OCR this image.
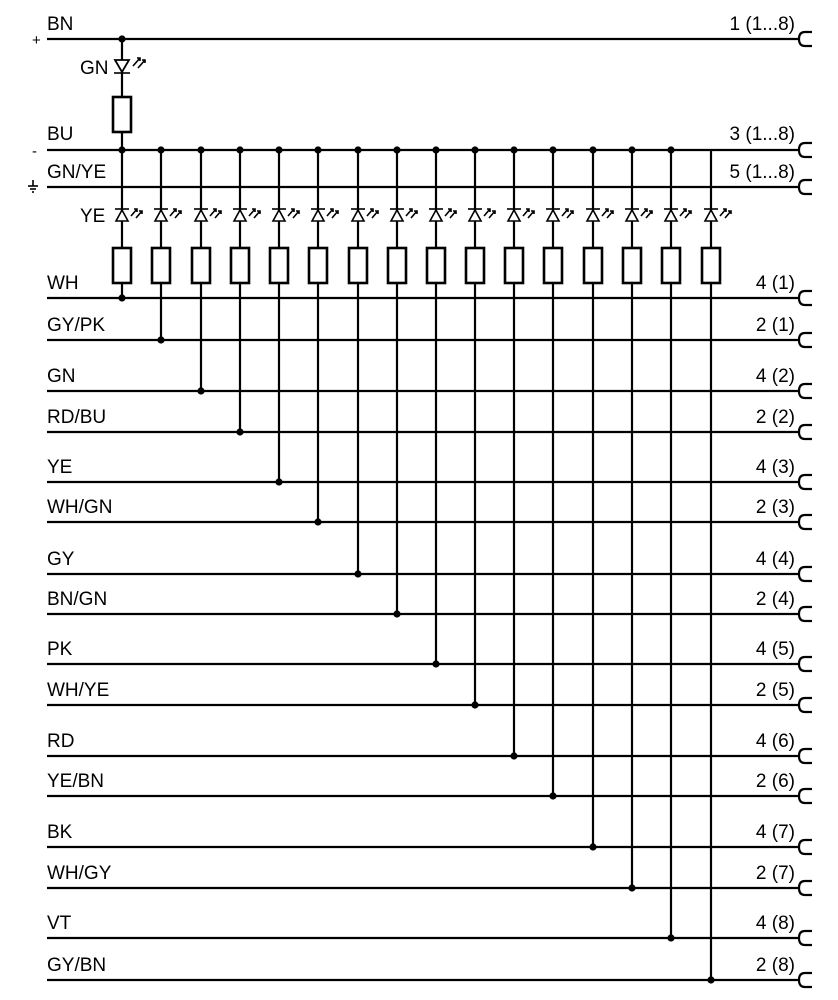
+
BN	1 (1...8)
GN
-
BU	3 (1...8)
GN/YE	5 (1...8)
YE
WH	4 (1)
GY/PK	2 (1)
GN	4 (2)
RD/BU	2 (2)
YE	4 (3)
WH/GN	2 (3)
GY	4 (4)
BN/GN	2 (4)
PK	4 (5)
WH/YE	2 (5)
RD	4 (6)
YE/BN	2 (6)
BK	4 (7)
WH/GY	2 (7)
VT	4 (8)
GY/BN	2 (8)
